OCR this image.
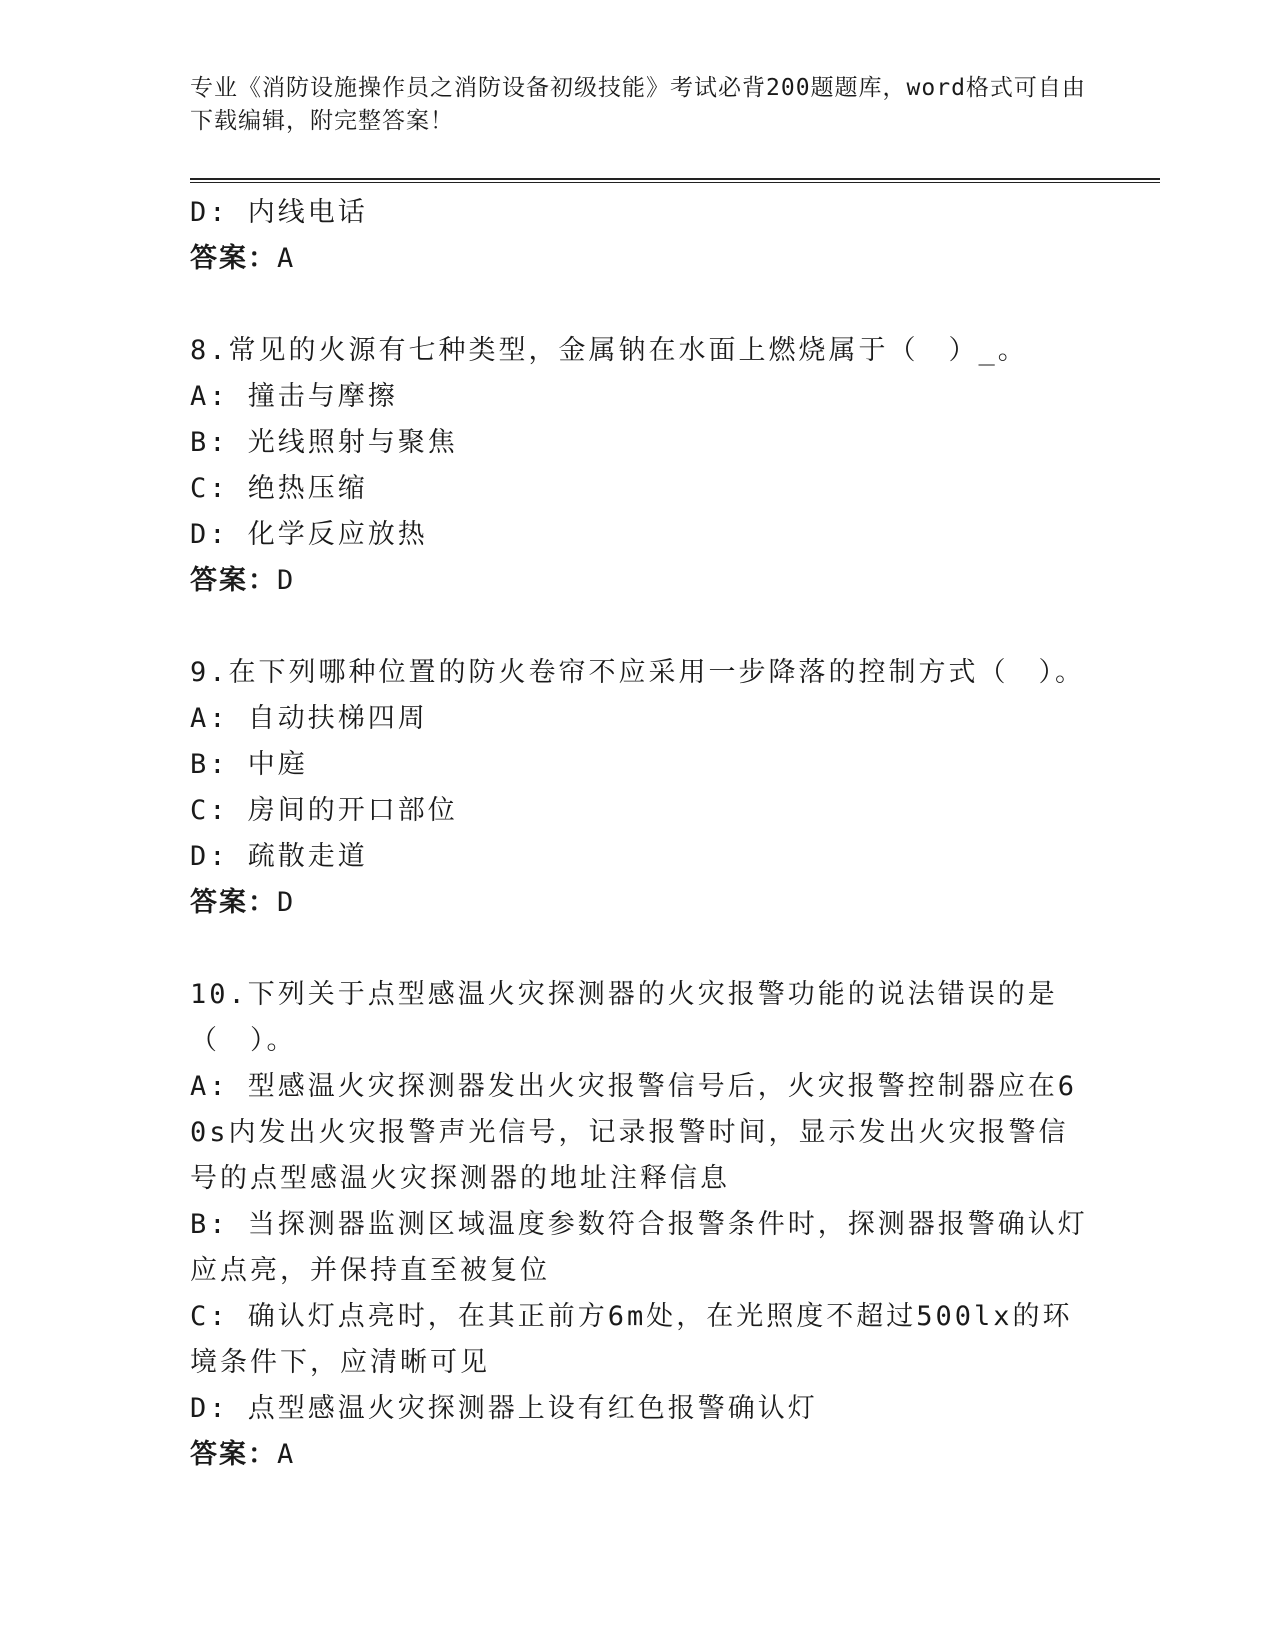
专业《消防设施操作员之消防设备初级技能》考试必背200题题库，word格式可自由下载编辑，附完整答案！
D: 内线电话
答案：A
8.常见的火源有七种类型，金属钠在水面上燃烧属于（　）_。
A: 撞击与摩擦
B: 光线照射与聚焦
C: 绝热压缩
D: 化学反应放热
答案：D
9.在下列哪种位置的防火卷帘不应采用一步降落的控制方式（　）。
A: 自动扶梯四周
B: 中庭
C: 房间的开口部位
D: 疏散走道
答案：D
10.下列关于点型感温火灾探测器的火灾报警功能的说法错误的是（　）。
A: 型感温火灾探测器发出火灾报警信号后，火灾报警控制器应在60s内发出火灾报警声光信号，记录报警时间，显示发出火灾报警信号的点型感温火灾探测器的地址注释信息
B: 当探测器监测区域温度参数符合报警条件时，探测器报警确认灯应点亮，并保持直至被复位
C: 确认灯点亮时，在其正前方6m处，在光照度不超过500lx的环境条件下，应清晰可见
D: 点型感温火灾探测器上设有红色报警确认灯
答案：A
